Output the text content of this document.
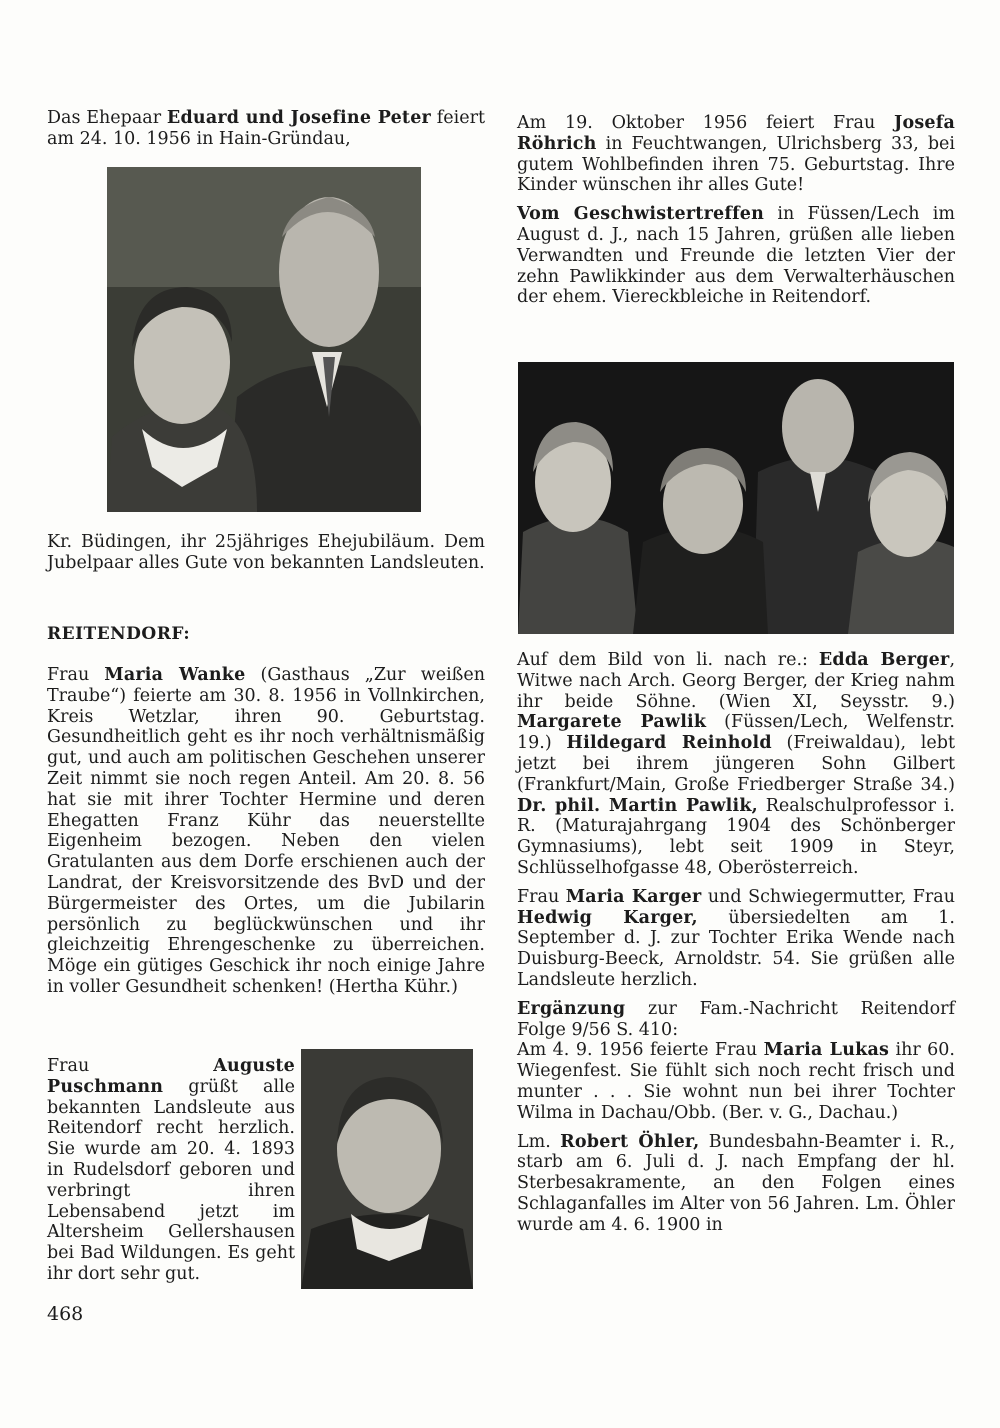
Das Ehepaar Eduard und Josefine Peter feiert am 24. 10. 1956 in Hain-Gründau,

Kr. Büdingen, ihr 25jähriges Ehejubiläum. Dem Jubelpaar alles Gute von bekannten Landsleuten.
REITENDORF:
Frau Maria Wanke (Gasthaus „Zur weißen Traube“) feierte am 30. 8. 1956 in Vollnkirchen, Kreis Wetzlar, ihren 90. Geburtstag. Gesundheitlich geht es ihr noch verhältnismäßig gut, und auch am politischen Geschehen unserer Zeit nimmt sie noch regen Anteil. Am 20. 8. 56 hat sie mit ihrer Tochter Hermine und deren Ehegatten Franz Kühr das neuerstellte Eigenheim bezogen. Neben den vielen Gratulanten aus dem Dorfe erschienen auch der Landrat, der Kreisvorsitzende des BvD und der Bürgermeister des Ortes, um die Jubilarin persönlich zu beglückwünschen und ihr gleichzeitig Ehrengeschenke zu überreichen. Möge ein gütiges Geschick ihr noch einige Jahre in voller Gesundheit schenken! (Hertha Kühr.)
Frau Auguste Puschmann grüßt alle bekannten Landsleute aus Reitendorf recht herzlich. Sie wurde am 20. 4. 1893 in Rudelsdorf geboren und verbringt ihren Lebensabend jetzt im Altersheim Gellershausen bei Bad Wildungen. Es geht ihr dort sehr gut.

Am 19. Oktober 1956 feiert Frau Josefa Röhrich in Feuchtwangen, Ulrichsberg 33, bei gutem Wohlbefinden ihren 75. Geburtstag. Ihre Kinder wünschen ihr alles Gute!

Vom Geschwistertreffen in Füssen/Lech im August d. J., nach 15 Jahren, grüßen alle lieben Verwandten und Freunde die letzten Vier der zehn Pawlikkinder aus dem Verwalterhäuschen der ehem. Viereckbleiche in Reitendorf.

Auf dem Bild von li. nach re.: Edda Berger, Witwe nach Arch. Georg Berger, der Krieg nahm ihr beide Söhne. (Wien XI, Seysstr. 9.) Margarete Pawlik (Füssen/Lech, Welfenstr. 19.) Hildegard Reinhold (Freiwaldau), lebt jetzt bei ihrem jüngeren Sohn Gilbert (Frankfurt/Main, Große Friedberger Straße 34.) Dr. phil. Martin Pawlik, Realschulprofessor i. R. (Maturajahrgang 1904 des Schönberger Gymnasiums), lebt seit 1909 in Steyr, Schlüsselhofgasse 48, Oberösterreich.

Frau Maria Karger und Schwiegermutter, Frau Hedwig Karger, übersiedelten am 1. September d. J. zur Tochter Erika Wende nach Duisburg-Beeck, Arnoldstr. 54. Sie grüßen alle Landsleute herzlich.

Ergänzung zur Fam.-Nachricht Reitendorf Folge 9/56 S. 410:
Am 4. 9. 1956 feierte Frau Maria Lukas ihr 60. Wiegenfest. Sie fühlt sich noch recht frisch und munter . . . Sie wohnt nun bei ihrer Tochter Wilma in Dachau/Obb. (Ber. v. G., Dachau.)

Lm. Robert Öhler, Bundesbahn-Beamter i. R., starb am 6. Juli d. J. nach Empfang der hl. Sterbesakramente, an den Folgen eines Schlaganfalles im Alter von 56 Jahren. Lm. Öhler wurde am 4. 6. 1900 in

468
